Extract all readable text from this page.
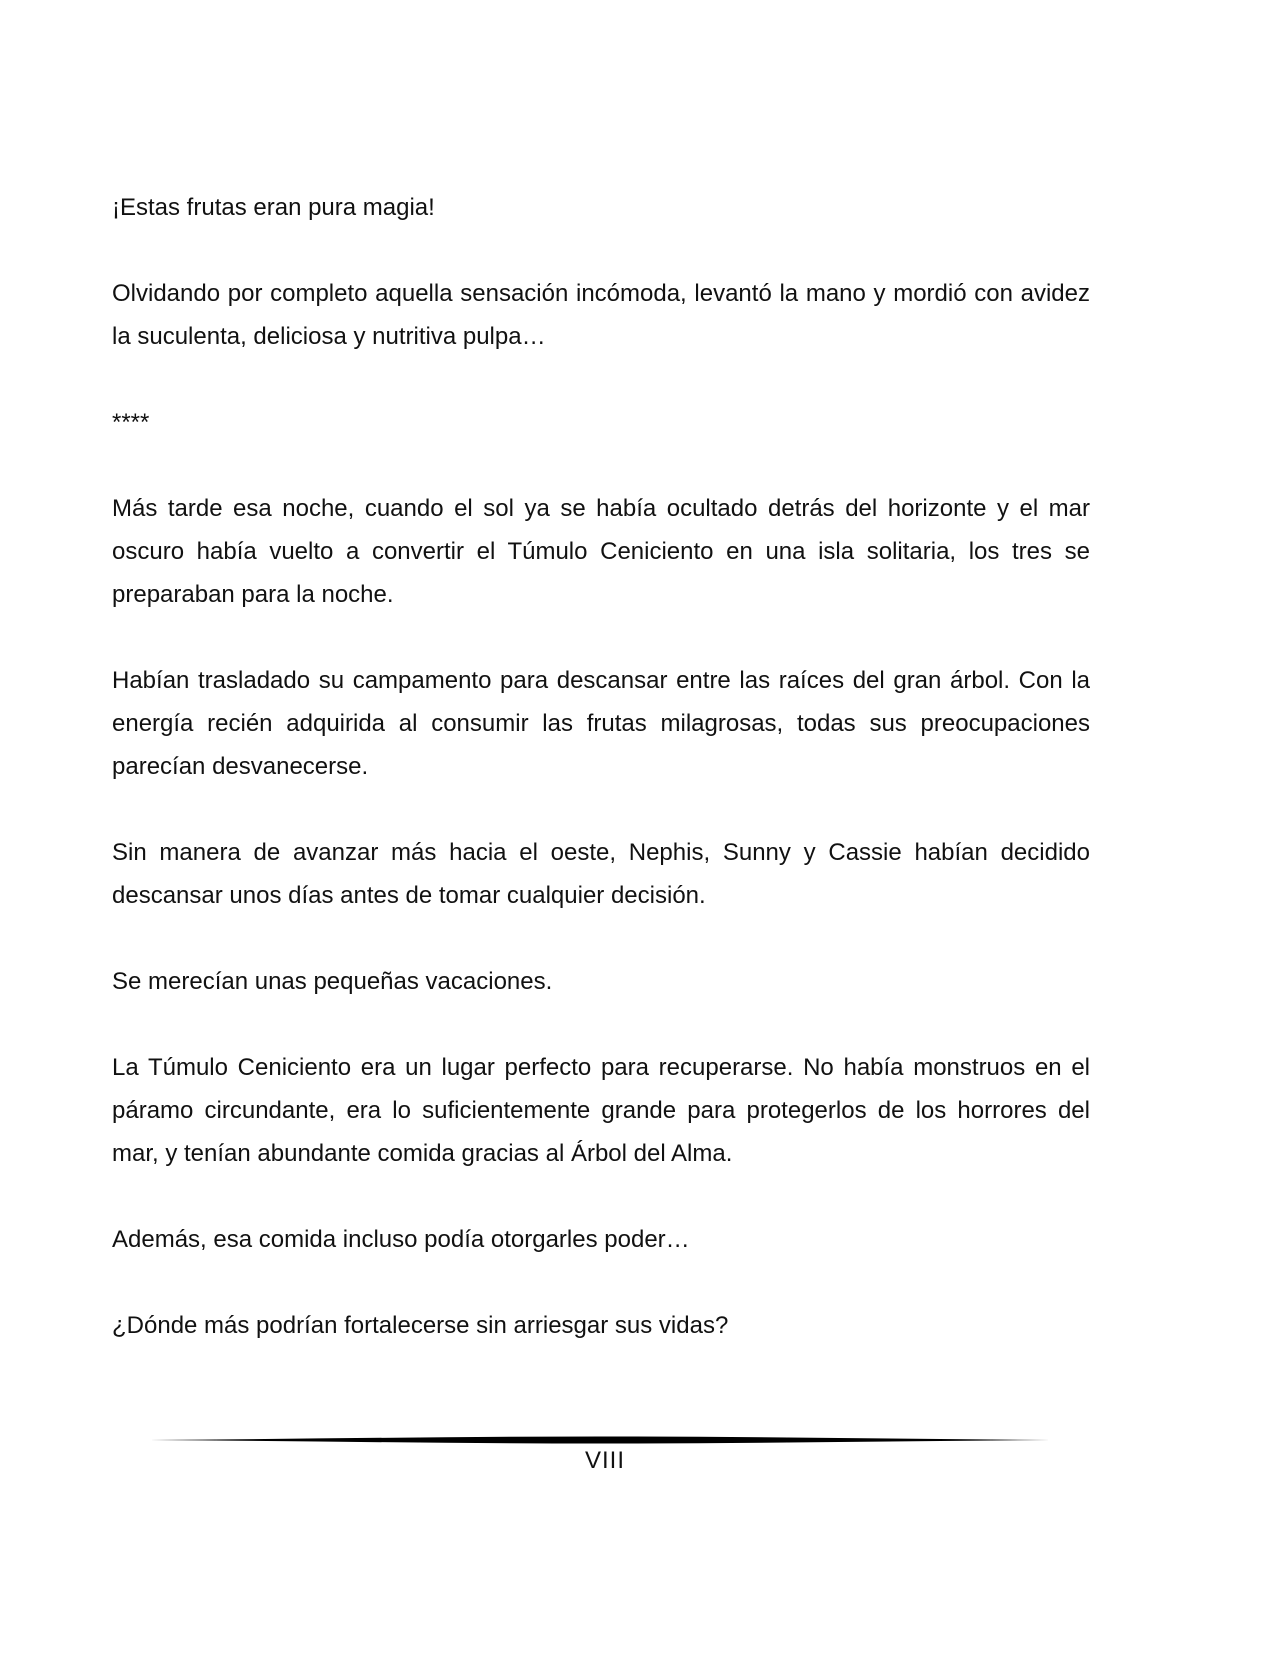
¡Estas frutas eran pura magia!

Olvidando por completo aquella sensación incómoda, levantó la mano y mordió con avidez la suculenta, deliciosa y nutritiva pulpa…

****

Más tarde esa noche, cuando el sol ya se había ocultado detrás del horizonte y el mar oscuro había vuelto a convertir el Túmulo Ceniciento en una isla solitaria, los tres se preparaban para la noche.

Habían trasladado su campamento para descansar entre las raíces del gran árbol. Con la energía recién adquirida al consumir las frutas milagrosas, todas sus preocupaciones parecían desvanecerse.

Sin manera de avanzar más hacia el oeste, Nephis, Sunny y Cassie habían decidido descansar unos días antes de tomar cualquier decisión.

Se merecían unas pequeñas vacaciones.

La Túmulo Ceniciento era un lugar perfecto para recuperarse. No había monstruos en el páramo circundante, era lo suficientemente grande para protegerlos de los horrores del mar, y tenían abundante comida gracias al Árbol del Alma.

Además, esa comida incluso podía otorgarles poder…

¿Dónde más podrían fortalecerse sin arriesgar sus vidas?

VIII
